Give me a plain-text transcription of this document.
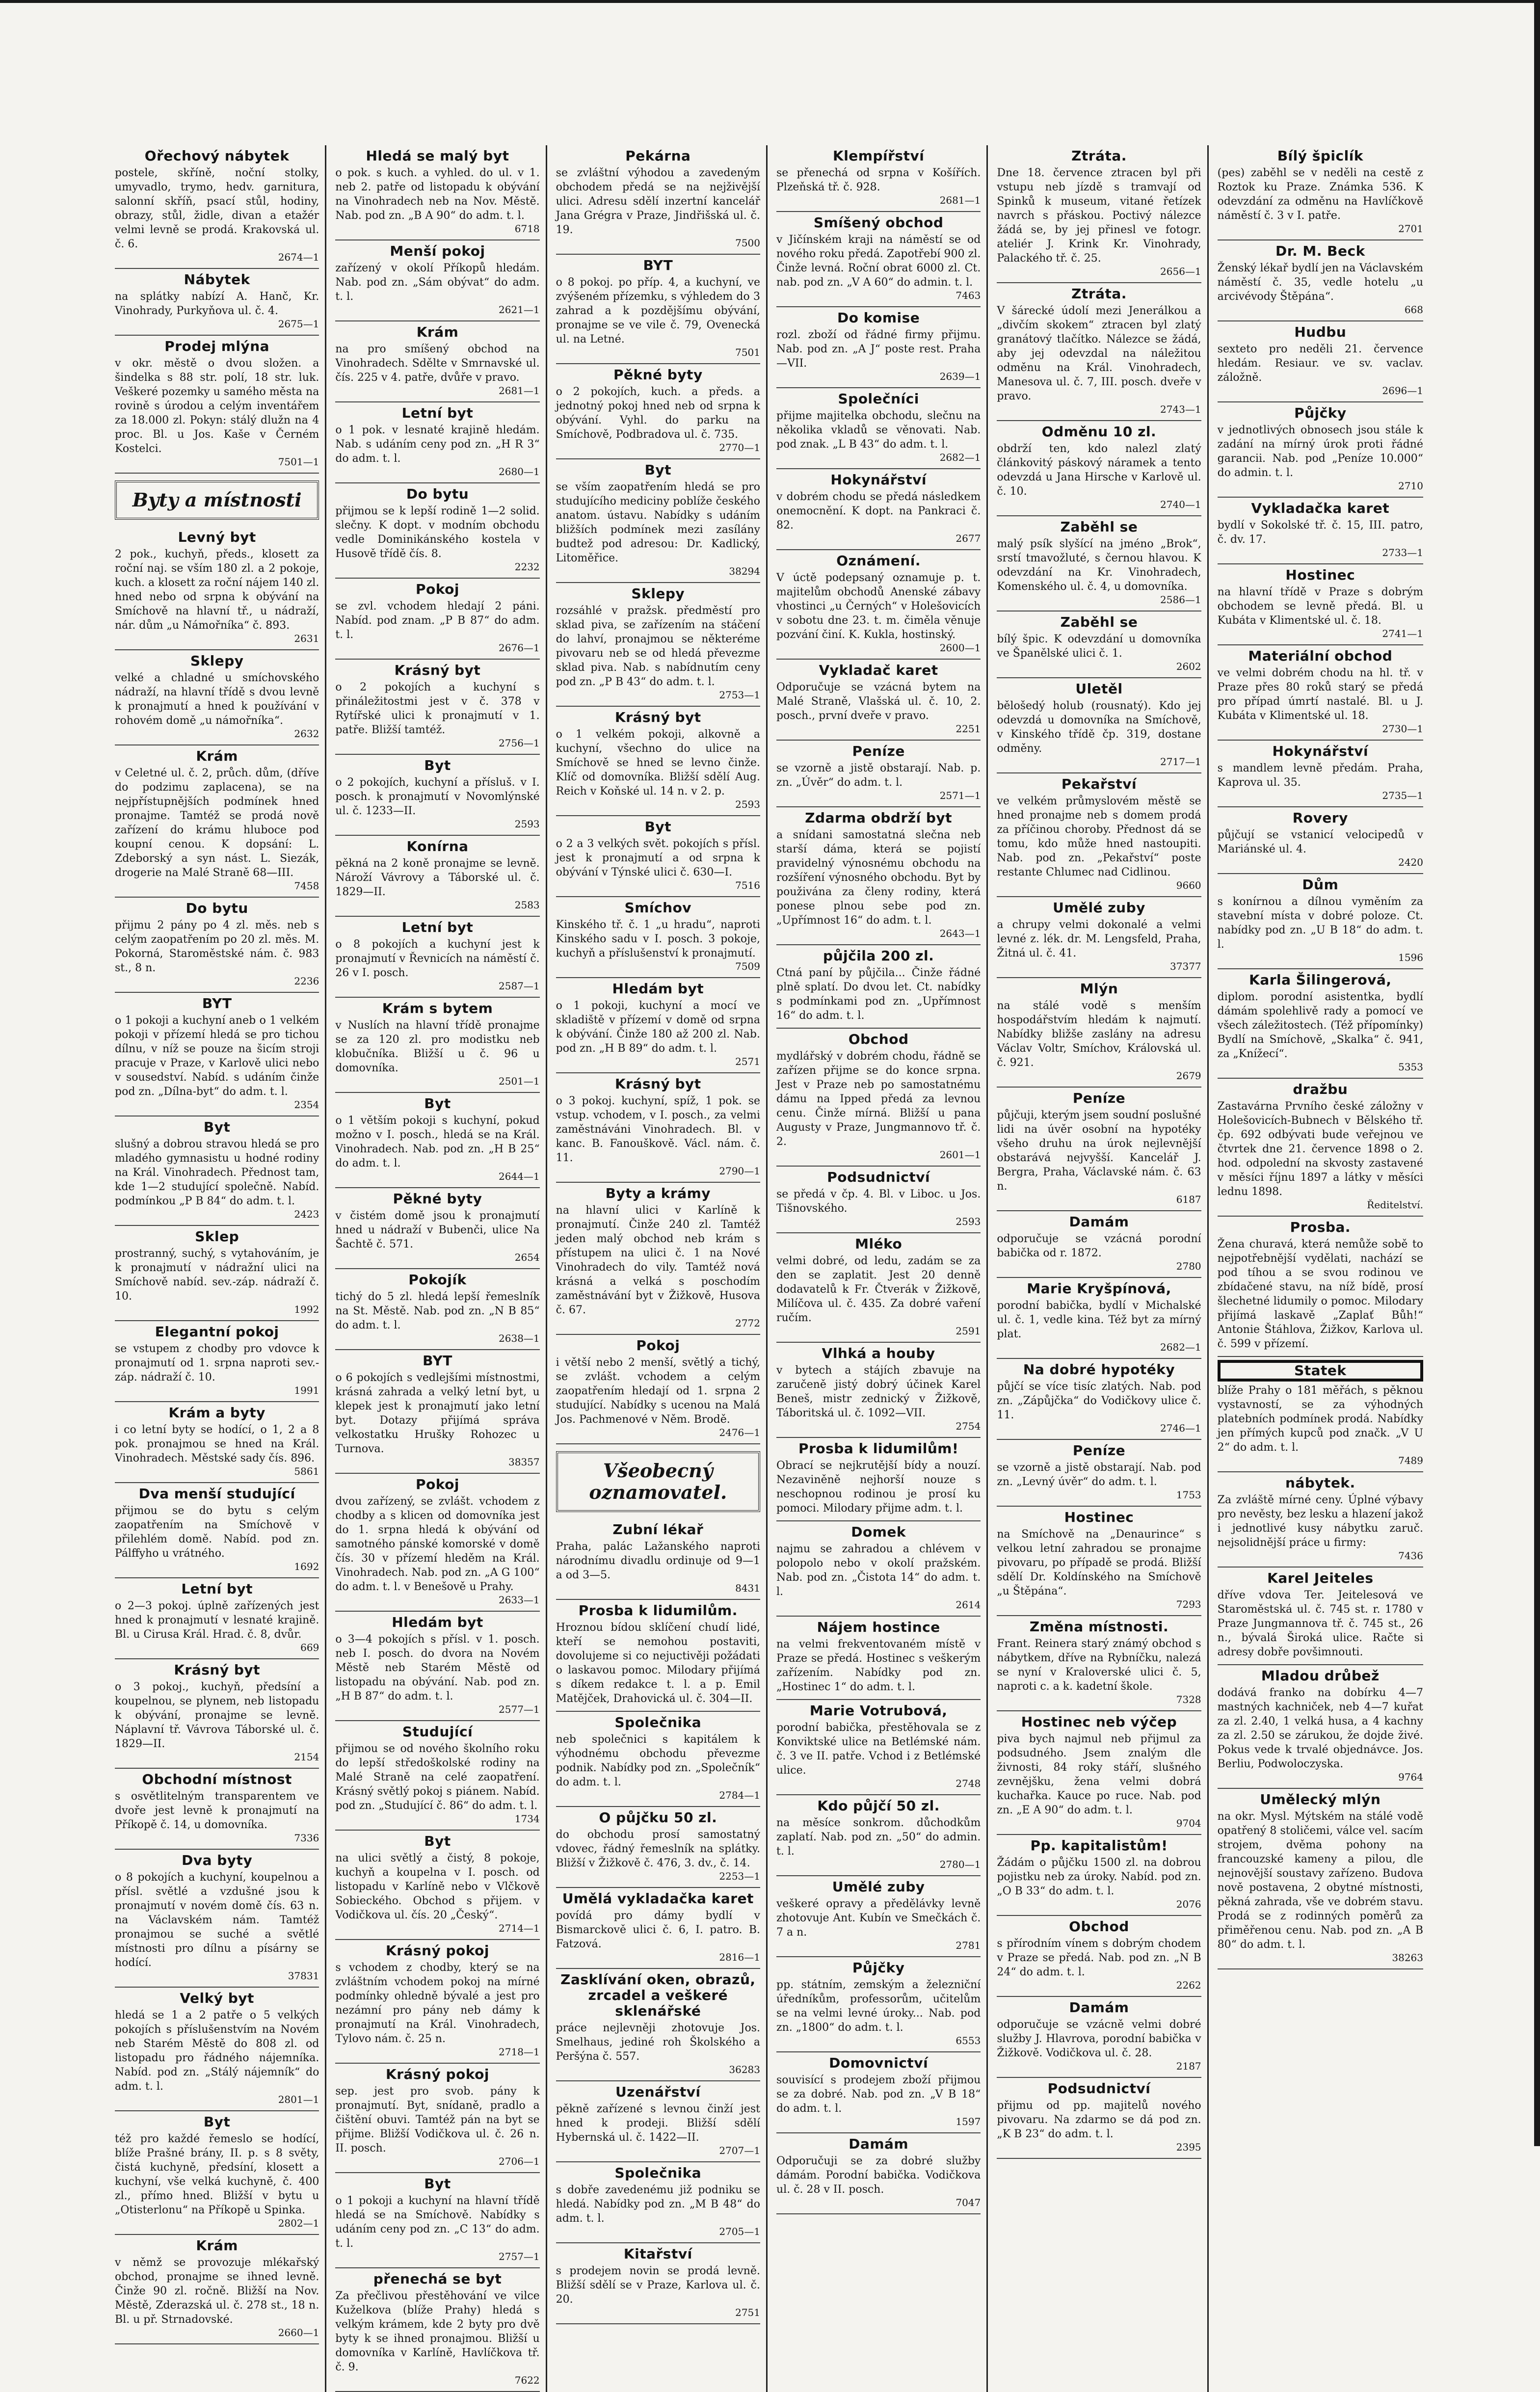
Ořechový nábytek

postele, skříně, noční stolky, umyvadlo, trymo, hedv. garnitura, salonní skříň, psací stůl, hodiny, obrazy, stůl, židle, divan a etažér velmi levně se prodá. Krakovská ul. č. 6.

2674—1
Nábytek

na splátky nabízí A. Hanč, Kr. Vinohrady, Purkyňova ul. č. 4.

2675—1
Prodej mlýna

v okr. městě o dvou složen. a šindelka s 88 str. polí, 18 str. luk. Veškeré pozemky u samého města na rovině s úrodou a celým inventářem za 18.000 zl. Pokyn: stálý dlužn na 4 proc. Bl. u Jos. Kaše v Černém Kostelci.

7501—1
Byty a místnosti
Levný byt

2 pok., kuchyň, předs., klosett za roční naj. se vším 180 zl. a 2 pokoje, kuch. a klosett za roční nájem 140 zl. hned nebo od srpna k obývání na Smíchově na hlavní tř., u nádraží, nár. dům „u Námořníka“ č. 893.

2631
Sklepy

velké a chladné u smíchovského nádraží, na hlavní třídě s dvou levně k pronajmutí a hned k používání v rohovém domě „u námořníka“.

2632
Krám

v Celetné ul. č. 2, průch. dům, (dříve do podzimu zaplacena), se na nejpřístupnějších podmínek hned pronajme. Tamtéž se prodá nově zařízení do krámu hluboce pod koupní cenou. K dopsání: L. Zdeborský a syn nást. L. Siezák, drogerie na Malé Straně 68—III.

7458
Do bytu

přijmu 2 pány po 4 zl. měs. neb s celým zaopatřením po 20 zl. měs. M. Pokorná, Staroměstské nám. č. 983 st., 8 n.

2236
BYT

o 1 pokoji a kuchyní aneb o 1 velkém pokoji v přízemí hledá se pro tichou dílnu, v níž se pouze na šicím stroji pracuje v Praze, v Karlově ulici nebo v sousedství. Nabíd. s udáním činže pod zn. „Dílna-byt“ do adm. t. l.

2354
Byt

slušný a dobrou stravou hledá se pro mladého gymnasistu u hodné rodiny na Král. Vinohradech. Přednost tam, kde 1—2 studující společně. Nabíd. podmínkou „P B 84“ do adm. t. l.

2423
Sklep

prostranný, suchý, s vytahováním, je k pronajmutí v nádražní ulici na Smíchově nabíd. sev.-záp. nádraží č. 10.

1992
Elegantní pokoj

se vstupem z chodby pro vdovce k pronajmutí od 1. srpna naproti sev.-záp. nádraží č. 10.

1991
Krám a byty

i co letní byty se hodící, o 1, 2 a 8 pok. pronajmou se hned na Král. Vinohradech. Městské sady čís. 896.

5861
Dva menší studující

přijmou se do bytu s celým zaopatřením na Smíchově v přilehlém domě. Nabíd. pod zn. Pálffyho u vrátného.

1692
Letní byt

o 2—3 pokoj. úplně zařízených jest hned k pronajmutí v lesnaté krajině. Bl. u Cirusa Král. Hrad. č. 8, dvůr.

669
Krásný byt

o 3 pokoj., kuchyň, předsíní a koupelnou, se plynem, neb listopadu k obývání, pronajme se levně. Náplavní tř. Vávrova Táborské ul. č. 1829—II.

2154
Obchodní místnost

s osvětlitelným transparentem ve dvoře jest levně k pronajmutí na Příkopě č. 14, u domovníka.

7336
Dva byty

o 8 pokojích a kuchyní, koupelnou a přísl. světlé a vzdušné jsou k pronajmutí v novém domě čís. 63 n. na Václavském nám. Tamtéž pronajmou se suché a světlé místnosti pro dílnu a písárny se hodící.

37831
Velký byt

hledá se 1 a 2 patře o 5 velkých pokojích s příslušenstvím na Novém neb Starém Městě do 808 zl. od listopadu pro řádného nájemníka. Nabíd. pod zn. „Stálý nájemník“ do adm. t. l.

2801—1
Byt

též pro každé řemeslo se hodící, blíže Prašné brány, II. p. s 8 světy, čistá kuchyně, předsíní, klosett a kuchyní, vše velká kuchyně, č. 400 zl., přímo hned. Bližší v bytu u „Otisterlonu“ na Příkopě u Spinka.

2802—1
Krám

v němž se provozuje mlékařský obchod, pronajme se ihned levně. Činže 90 zl. ročně. Bližší na Nov. Městě, Zderazská ul. č. 278 st., 18 n. Bl. u př. Strnadovské.

2660—1
Hledá se malý byt

o pok. s kuch. a vyhled. do ul. v 1. neb 2. patře od listopadu k obývání na Vinohradech neb na Nov. Městě. Nab. pod zn. „B A 90“ do adm. t. l.

6718
Menší pokoj

zařízený v okolí Příkopů hledám. Nab. pod zn. „Sám obývat“ do adm. t. l.

2621—1
Krám

na pro smíšený obchod na Vinohradech. Sdělte v Smrnavské ul. čís. 225 v 4. patře, dvůře v pravo.

2681—1
Letní byt

o 1 pok. v lesnaté krajině hledám. Nab. s udáním ceny pod zn. „H R 3“ do adm. t. l.

2680—1
Do bytu

přijmou se k lepší rodině 1—2 solid. slečny. K dopt. v modním obchodu vedle Dominikánského kostela v Husově třídě čís. 8.

2232
Pokoj

se zvl. vchodem hledají 2 páni. Nabíd. pod znam. „P B 87“ do adm. t. l.

2676—1
Krásný byt

o 2 pokojích a kuchyní s přináležitostmi jest v č. 378 v Rytířské ulici k pronajmutí v 1. patře. Bližší tamtéž.

2756—1
Byt

o 2 pokojích, kuchyní a přísluš. v I. posch. k pronajmutí v Novomlýnské ul. č. 1233—II.

2593
Konírna

pěkná na 2 koně pronajme se levně. Nároží Vávrovy a Táborské ul. č. 1829—II.

2583
Letní byt

o 8 pokojích a kuchyní jest k pronajmutí v Řevnicích na náměstí č. 26 v I. posch.

2587—1
Krám s bytem

v Nuslích na hlavní třídě pronajme se za 120 zl. pro modistku neb klobučníka. Bližší u č. 96 u domovníka.

2501—1
Byt

o 1 větším pokoji s kuchyní, pokud možno v I. posch., hledá se na Král. Vinohradech. Nab. pod zn. „H B 25“ do adm. t. l.

2644—1
Pěkné byty

v čistém domě jsou k pronajmutí hned u nádraží v Bubenči, ulice Na Šachtě č. 571.

2654
Pokojík

tichý do 5 zl. hledá lepší řemeslník na St. Městě. Nab. pod zn. „N B 85“ do adm. t. l.

2638—1
BYT

o 6 pokojích s vedlejšími místnostmi, krásná zahrada a velký letní byt, u klepek jest k pronajmutí jako letní byt. Dotazy přijímá správa velkostatku Hrušky Rohozec u Turnova.

38357
Pokoj

dvou zařízený, se zvlášt. vchodem z chodby a s klicen od domovníka jest do 1. srpna hledá k obývání od samotného pánské komorské v domě čís. 30 v přízemí hleděm na Král. Vinohradech. Nab. pod zn. „A G 100“ do adm. t. l. v Benešově u Prahy.

2633—1
Hledám byt

o 3—4 pokojích s přísl. v 1. posch. neb I. posch. do dvora na Novém Městě neb Starém Městě od listopadu na obývání. Nab. pod zn. „H B 87“ do adm. t. l.

2577—1
Studující

přijmou se od nového školního roku do lepší středoškolské rodiny na Malé Straně na celé zaopatření. Krásný světlý pokoj s piánem. Nabíd. pod zn. „Studující č. 86“ do adm. t. l.

1734
Byt

na ulici světlý a čistý, 8 pokoje, kuchyň a koupelna v I. posch. od listopadu v Karlíně nebo v Vlčkově Sobieckého. Obchod s přijem. v Vodičkova ul. čís. 20 „Český“.

2714—1
Krásný pokoj

s vchodem z chodby, který se na zvláštním vchodem pokoj na mírné podmínky ohledně bývalé a jest pro nezámní pro pány neb dámy k pronajmutí na Král. Vinohradech, Tylovo nám. č. 25 n.

2718—1
Krásný pokoj

sep. jest pro svob. pány k pronajmutí. Byt, snídaně, pradlo a čištění obuvi. Tamtéž pán na byt se přijme. Bližší Vodičkova ul. č. 26 n. II. posch.

2706—1
Byt

o 1 pokoji a kuchyní na hlavní třídě hledá se na Smíchově. Nabídky s udáním ceny pod zn. „C 13“ do adm. t. l.

2757—1
přenechá se byt

Za přečlivou přestěhování ve vilce Kuželkova (blíže Prahy) hledá s velkým krámem, kde 2 byty pro dvě byty k se ihned pronajmou. Bližší u domovníka v Karlíně, Havlíčkova tř. č. 9.

7622
Pekárna

se zvláštní výhodou a zavedeným obchodem předá se na nejživější ulici. Adresu sdělí inzertní kancelář Jana Grégra v Praze, Jindřišská ul. č. 19.

7500
BYT

o 8 pokoj. po příp. 4, a kuchyní, ve zvýšeném přízemku, s výhledem do 3 zahrad a k pozdějšímu obývání, pronajme se ve vile č. 79, Ovenecká ul. na Letné.

7501
Pěkné byty

o 2 pokojích, kuch. a předs. a jednotný pokoj hned neb od srpna k obývání. Vyhl. do parku na Smíchově, Podbradova ul. č. 735.

2770—1
Byt

se vším zaopatřením hledá se pro studujícího mediciny poblíže českého anatom. ústavu. Nabídky s udáním bližších podmínek mezi zasílány budtež pod adresou: Dr. Kadlický, Litoměřice.

38294
Sklepy

rozsáhlé v pražsk. předměstí pro sklad piva, se zařízením na stáčení do lahví, pronajmou se některéme pivovaru neb se od hledá převezme sklad piva. Nab. s nabídnutím ceny pod zn. „P B 43“ do adm. t. l.

2753—1
Krásný byt

o 1 velkém pokoji, alkovně a kuchyní, všechno do ulice na Smíchově se hned se levno činže. Klíč od domovníka. Bližší sdělí Aug. Reich v Koňské ul. 14 n. v 2. p.

2593
Byt

o 2 a 3 velkých svět. pokojích s přísl. jest k pronajmutí a od srpna k obývání v Týnské ulici č. 630—I.

7516
Smíchov

Kinského tř. č. 1 „u hradu“, naproti Kinského sadu v I. posch. 3 pokoje, kuchyň a příslušenství k pronajmutí.

7509
Hledám byt

o 1 pokoji, kuchyní a mocí ve skladiště v přízemí v domě od srpna k obývání. Činže 180 až 200 zl. Nab. pod zn. „H B 89“ do adm. t. l.

2571
Krásný byt

o 3 pokoj. kuchyní, spíž, 1 pok. se vstup. vchodem, v I. posch., za velmi zaměstnáváni Vinohradech. Bl. v kanc. B. Fanouškově. Václ. nám. č. 11.

2790—1
Byty a krámy

na hlavní ulici v Karlíně k pronajmutí. Činže 240 zl. Tamtéž jeden malý obchod neb krám s přístupem na ulici č. 1 na Nové Vinohradech do vily. Tamtéž nová krásná a velká s poschodím zaměstnávání byt v Žižkově, Husova č. 67.

2772
Pokoj

i větší nebo 2 menší, světlý a tichý, se zvlášt. vchodem a celým zaopatřením hledají od 1. srpna 2 studující. Nabídky s ucenou na Malá Jos. Pachmenové v Něm. Brodě.

2476—1
Všeobecný oznamovatel.
Zubní lékař

Praha, palác Lažanského naproti národnímu divadlu ordinuje od 9—1 a od 3—5.

8431
Prosba k lidumilům.

Hroznou bídou sklíčení chudí lidé, kteří se nemohou postaviti, dovolujeme si co nejuctivěji požádati o laskavou pomoc. Milodary přijímá s díkem redakce t. l. a p. Emil Matějček, Drahovická ul. č. 304—II.

Společnika

neb společnici s kapitálem k výhodnému obchodu převezme podnik. Nabídky pod zn. „Společník“ do adm. t. l.

2784—1
O půjčku 50 zl.

do obchodu prosí samostatný vdovec, řádný řemeslník na splátky. Bližší v Žižkově č. 476, 3. dv., č. 14.

2253—1
Umělá vykladačka karet

povídá pro dámy bydlí v Bismarckově ulici č. 6, I. patro. B. Fatzová.

2816—1
Zasklívání oken, obrazů, zrcadel a veškeré sklenářské

práce nejlevněji zhotovuje Jos. Smelhaus, jediné roh Školského a Peršýna č. 557.

36283
Uzenářství

pěkně zařízené s levnou činží jest hned k prodeji. Bližší sdělí Hybernská ul. č. 1422—II.

2707—1
Společnika

s dobře zavedenému již podniku se hledá. Nabídky pod zn. „M B 48“ do adm. t. l.

2705—1
Kitařství

s prodejem novin se prodá levně. Bližší sdělí se v Praze, Karlova ul. č. 20.

2751
Klempířství

se přenechá od srpna v Košířích. Plzeňská tř. č. 928.

2681—1
Smíšený obchod

v Jičínském kraji na náměstí se od nového roku předá. Zapotřebí 900 zl. Činže levná. Roční obrat 6000 zl. Ct. nab. pod zn. „V A 60“ do admin. t. l.

7463
Do komise

rozl. zboží od řádné firmy přijmu. Nab. pod zn. „A J“ poste rest. Praha—VII.

2639—1
Společníci

přijme majitelka obchodu, slečnu na několika vkladů se věnovati. Nab. pod znak. „L B 43“ do adm. t. l.

2682—1
Hokynářství

v dobrém chodu se předá následkem onemocnění. K dopt. na Pankraci č. 82.

2677
Oznámení.

V úctě podepsaný oznamuje p. t. majitelům obchodů Anenské zábavy vhostinci „u Černých“ v Holešovicích v sobotu dne 23. t. m. čiměla věnuje pozvání činí. K. Kukla, hostinský.

2600—1
Vykladač karet

Odporučuje se vzácná bytem na Malé Straně, Vlašská ul. č. 10, 2. posch., první dveře v pravo.

2251
Peníze

se vzorně a jistě obstarají. Nab. p. zn. „Úvěr“ do adm. t. l.

2571—1
Zdarma obdrží byt

a snídani samostatná slečna neb starší dáma, která se pojistí pravidelný výnosnému obchodu na rozšíření výnosného obchodu. Byt by použivána za členy rodiny, která ponese plnou sebe pod zn. „Upřímnost 16“ do adm. t. l.

2643—1
půjčila 200 zl.

Ctná paní by půjčila... Činže řádné plně splatí. Do dvou let. Ct. nabídky s podmínkami pod zn. „Upřímnost 16“ do adm. t. l.

Obchod

mydlářský v dobrém chodu, řádně se zařízen přijme se do konce srpna. Jest v Praze neb po samostatnému dámu na Ipped předá za levnou cenu. Činže mírná. Bližší u pana Augusty v Praze, Jungmannovo tř. č. 2.

2601—1
Podsudnictví

se předá v čp. 4. Bl. v Liboc. u Jos. Tišnovského.

2593
Mléko

velmi dobré, od ledu, zadám se za den se zaplatit. Jest 20 denně dodavatelů k Fr. Čtverák v Žižkově, Milíčova ul. č. 435. Za dobré vaření ručím.

2591
Vlhká a houby

v bytech a stájích zbavuje na zaručeně jistý dobrý účinek Karel Beneš, mistr zednický v Žižkově, Táboritská ul. č. 1092—VII.

2754
Prosba k lidumilům!

Obrací se nejkrutější bídy a nouzí. Nezaviněně nejhorší nouze s neschopnou rodinou je prosí ku pomoci. Milodary přijme adm. t. l.

Domek

najmu se zahradou a chlévem v polopolo nebo v okolí pražském. Nab. pod zn. „Čistota 14“ do adm. t. l.

2614
Nájem hostince

na velmi frekventovaném místě v Praze se předá. Hostinec s veškerým zařízením. Nabídky pod zn. „Hostinec 1“ do adm. t. l.

Marie Votrubová,

porodní babička, přestěhovala se z Konviktské ulice na Betlémské nám. č. 3 ve II. patře. Vchod i z Betlémské ulice.

2748
Kdo půjčí 50 zl.

na měsíce sonkrom. důchodkům zaplatí. Nab. pod zn. „50“ do admin. t. l.

2780—1
Umělé zuby

veškeré opravy a předělávky levně zhotovuje Ant. Kubín ve Smečkách č. 7 a n.

2781
Půjčky

pp. státním, zemským a železniční úředníkům, professorům, učitelům se na velmi levné úroky... Nab. pod zn. „1800“ do adm. t. l.

6553
Domovnictví

souvisící s prodejem zboží přijmou se za dobré. Nab. pod zn. „V B 18“ do adm. t. l.

1597
Damám

Odporučuji se za dobré služby dámám. Porodní babička. Vodičkova ul. č. 28 v II. posch.

7047
Ztráta.

Dne 18. července ztracen byl při vstupu neb jízdě s tramvají od Spinků k museum, vitané řetízek navrch s přáskou. Poctivý nálezce žádá se, by jej přinesl ve fotogr. ateliér J. Krink Kr. Vinohrady, Palackého tř. č. 25.

2656—1
Ztráta.

V šárecké údolí mezi Jenerálkou a „divčím skokem“ ztracen byl zlatý granátový tlačítko. Nálezce se žádá, aby jej odevzdal na náležitou odměnu na Král. Vinohradech, Manesova ul. č. 7, III. posch. dveře v pravo.

2743—1
Odměnu 10 zl.

obdrží ten, kdo nalezl zlatý článkovitý páskový náramek a tento odevzdá u Jana Hirsche v Karlově ul. č. 10.

2740—1
Zaběhl se

malý psík slyšící na jméno „Brok“, srstí tmavožluté, s černou hlavou. K odevzdání na Kr. Vinohradech, Komenského ul. č. 4, u domovníka.

2586—1
Zaběhl se

bílý špic. K odevzdání u domovníka ve Španělské ulici č. 1.

2602
Uletěl

bělošedý holub (rousnatý). Kdo jej odevzdá u domovníka na Smíchově, v Kinského třídě čp. 319, dostane odměny.

2717—1
Pekařství

ve velkém průmyslovém městě se hned pronajme neb s domem prodá za příčinou choroby. Přednost dá se tomu, kdo může hned nastoupiti. Nab. pod zn. „Pekařství“ poste restante Chlumec nad Cidlinou.

9660
Umělé zuby

a chrupy velmi dokonalé a velmi levné z. lék. dr. M. Lengsfeld, Praha, Žitná ul. č. 41.

37377
Mlýn

na stálé vodě s menším hospodářstvím hledám k najmutí. Nabídky bližše zaslány na adresu Václav Voltr, Smíchov, Královská ul. č. 921.

2679
Peníze

půjčuji, kterým jsem soudní poslušné lidi na úvěr osobní na hypotéky všeho druhu na úrok nejlevnější obstarává nejvyšší. Kancelář J. Bergra, Praha, Václavské nám. č. 63 n.

6187
Damám

odporučuje se vzácná porodní babička od r. 1872.

2780
Marie Kryšpínová,

porodní babička, bydlí v Michalské ul. č. 1, vedle kina. Též byt za mírný plat.

2682—1
Na dobré hypotéky

půjčí se více tisíc zlatých. Nab. pod zn. „Zápůjčka“ do Vodičkovy ulice č. 11.

2746—1
Peníze

se vzorně a jistě obstarají. Nab. pod zn. „Levný úvěr“ do adm. t. l.

1753
Hostinec

na Smíchově na „Denaurince“ s velkou letní zahradou se pronajme pivovaru, po případě se prodá. Bližší sdělí Dr. Koldínského na Smíchově „u Štěpána“.

7293
Změna místnosti.

Frant. Reinera starý známý obchod s nábytkem, dříve na Rybníčku, nalezá se nyní v Kraloverské ulici č. 5, naproti c. a k. kadetní škole.

7328
Hostinec neb výčep

piva bych najmul neb přijmul za podsudného. Jsem znalým dle živnosti, 84 roky stáří, slušného zevnějšku, žena velmi dobrá kuchařka. Kauce po ruce. Nab. pod zn. „E A 90“ do adm. t. l.

9704
Pp. kapitalistům!

Žádám o půjčku 1500 zl. na dobrou pojistku neb za úroky. Nabíd. pod zn. „O B 33“ do adm. t. l.

2076
Obchod

s přírodním vínem s dobrým chodem v Praze se předá. Nab. pod zn. „N B 24“ do adm. t. l.

2262
Damám

odporučuje se vzácně velmi dobré služby J. Hlavrova, porodní babička v Žižkově. Vodičkova ul. č. 28.

2187
Podsudnictví

přijmu od pp. majitelů nového pivovaru. Na zdarmo se dá pod zn. „K B 23“ do adm. t. l.

2395
Bílý špiclík

(pes) zaběhl se v neděli na cestě z Roztok ku Praze. Známka 536. K odevzdání za odměnu na Havlíčkově náměstí č. 3 v I. patře.

2701
Dr. M. Beck

Ženský lékař bydlí jen na Václavském náměstí č. 35, vedle hotelu „u arcivévody Štěpána“.

668
Hudbu

sexteto pro neděli 21. července hledám. Resiaur. ve sv. vaclav. záložně.

2696—1
Půjčky

v jednotlivých obnosech jsou stále k zadání na mírný úrok proti řádné garancii. Nab. pod „Peníze 10.000“ do admin. t. l.

2710
Vykladačka karet

bydlí v Sokolské tř. č. 15, III. patro, č. dv. 17.

2733—1
Hostinec

na hlavní třídě v Praze s dobrým obchodem se levně předá. Bl. u Kubáta v Klimentské ul. č. 18.

2741—1
Materiální obchod

ve velmi dobrém chodu na hl. tř. v Praze přes 80 roků starý se předá pro případ úmrtí nastalé. Bl. u J. Kubáta v Klimentské ul. 18.

2730—1
Hokynářství

s mandlem levně předám. Praha, Kaprova ul. 35.

2735—1
Rovery

půjčují se vstanicí velocipedů v Mariánské ul. 4.

2420
Dům

s konírnou a dílnou vyměním za stavební místa v dobré poloze. Ct. nabídky pod zn. „U B 18“ do adm. t. l.

1596
Karla Šilingerová,

diplom. porodní asistentka, bydlí dámám spolehlivě rady a pomocí ve všech záležitostech. (Též přípomínky) Bydlí na Smíchově, „Skalka“ č. 941, za „Knížecí“.

5353
dražbu

Zastavárna Prvního české záložny v Holešovicích-Bubnech v Bělského tř. čp. 692 odbývati bude veřejnou ve čtvrtek dne 21. července 1898 o 2. hod. odpolední na skvosty zastavené v měsíci říjnu 1897 a látky v měsíci lednu 1898.

Ředitelství.
Prosba.

Žena churavá, která nemůže sobě to nejpotřebnější vydělati, nachází se pod tíhou a se svou rodinou ve zbídačené stavu, na níž bídě, prosí šlechetné lidumily o pomoc. Milodary přijímá laskavě „Zaplať Bůh!“ Antonie Štáhlova, Žižkov, Karlova ul. č. 599 v přízemí.

Statek

blíže Prahy o 181 měřách, s pěknou vystavností, se za výhodných platebních podmínek prodá. Nabídky jen přímých kupců pod značk. „V U 2“ do adm. t. l.

7489
nábytek.

Za zvláště mírné ceny. Úplné výbavy pro nevěsty, bez lesku a hlazení jakož i jednotlivé kusy nábytku zaruč. nejsolidnější práce u firmy:

7436
Karel Jeiteles

dříve vdova Ter. Jeitelesová ve Staroměstská ul. č. 745 st. r. 1780 v Praze Jungmannova tř. č. 745 st., 26 n., bývalá Široká ulice. Račte si adresy dobře povšimnouti.

Mladou drůbež

dodává franko na dobírku 4—7 mastných kachniček, neb 4—7 kuřat za zl. 2.40, 1 velká husa, a 4 kachny za zl. 2.50 se zárukou, že dojde živé. Pokus vede k trvalé objednávce. Jos. Berliu, Podwoloczyska.

9764
Umělecký mlýn

na okr. Mysl. Mýtském na stálé vodě opatřený 8 stoličemi, válce vel. sacím strojem, dvěma pohony na francouzské kameny a pilou, dle nejnovější soustavy zařízeno. Budova nově postavena, 2 obytné místnosti, pěkná zahrada, vše ve dobrém stavu. Prodá se z rodinných poměrů za přiměřenou cenu. Nab. pod zn. „A B 80“ do adm. t. l.

38263
